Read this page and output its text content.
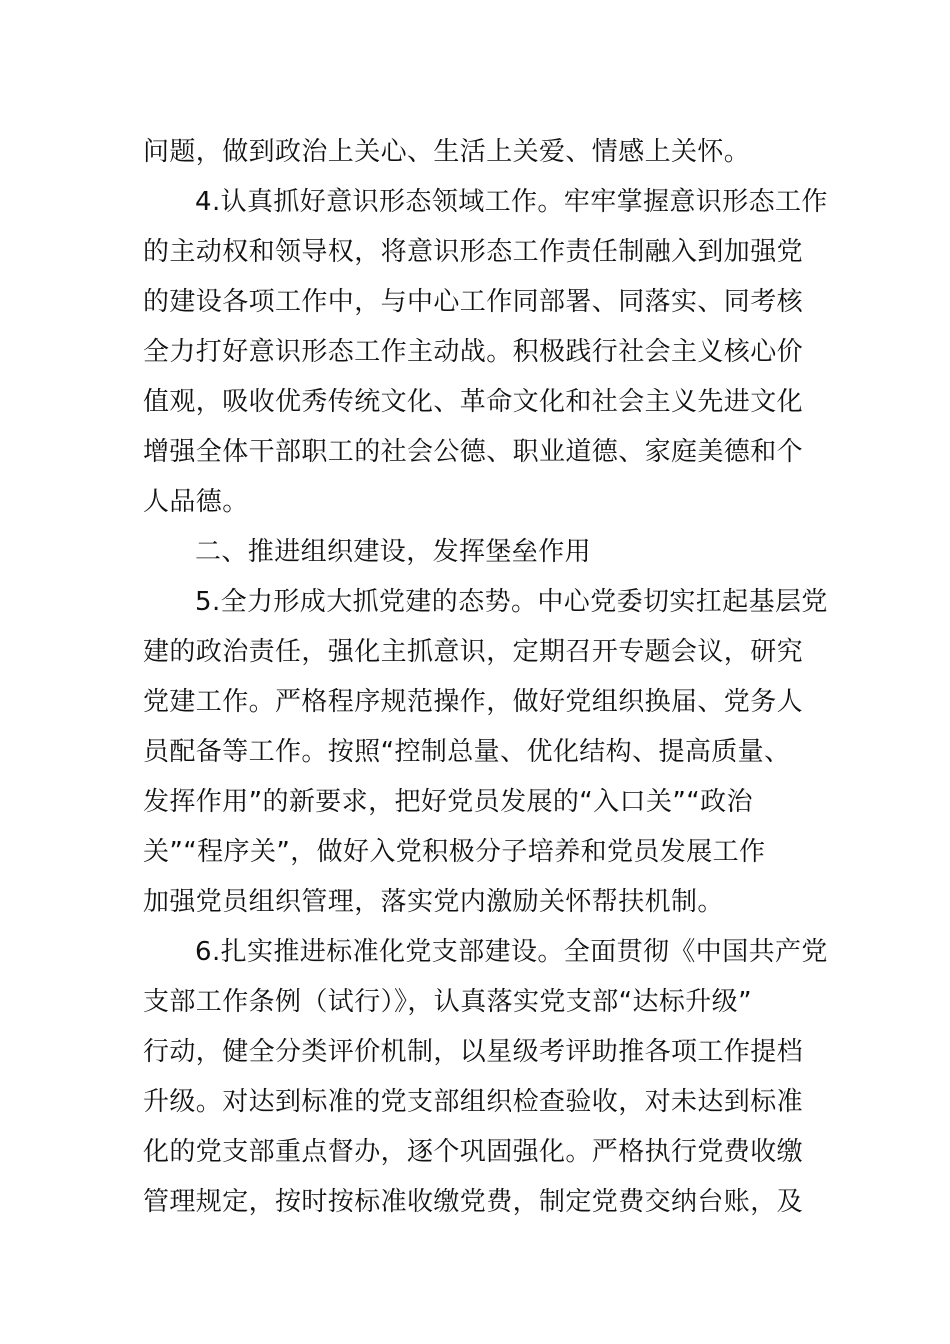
问题，做到政治上关心、生活上关爱、情感上关怀。
4.认真抓好意识形态领域工作。牢牢掌握意识形态工作
的主动权和领导权，将意识形态工作责任制融入到加强党
的建设各项工作中，与中心工作同部署、同落实、同考核
全力打好意识形态工作主动战。积极践行社会主义核心价
值观，吸收优秀传统文化、革命文化和社会主义先进文化
增强全体干部职工的社会公德、职业道德、家庭美德和个
人品德。
二、推进组织建设，发挥堡垒作用
5.全力形成大抓党建的态势。中心党委切实扛起基层党
建的政治责任，强化主抓意识，定期召开专题会议，研究
党建工作。严格程序规范操作，做好党组织换届、党务人
员配备等工作。按照“控制总量、优化结构、提高质量、
发挥作用”的新要求，把好党员发展的“入口关”“政治
关”“程序关”，做好入党积极分子培养和党员发展工作
加强党员组织管理，落实党内激励关怀帮扶机制。
6.扎实推进标准化党支部建设。全面贯彻《中国共产党
支部工作条例（试行）》，认真落实党支部“达标升级”
行动，健全分类评价机制，以星级考评助推各项工作提档
升级。对达到标准的党支部组织检查验收，对未达到标准
化的党支部重点督办，逐个巩固强化。严格执行党费收缴
管理规定，按时按标准收缴党费，制定党费交纳台账，及
